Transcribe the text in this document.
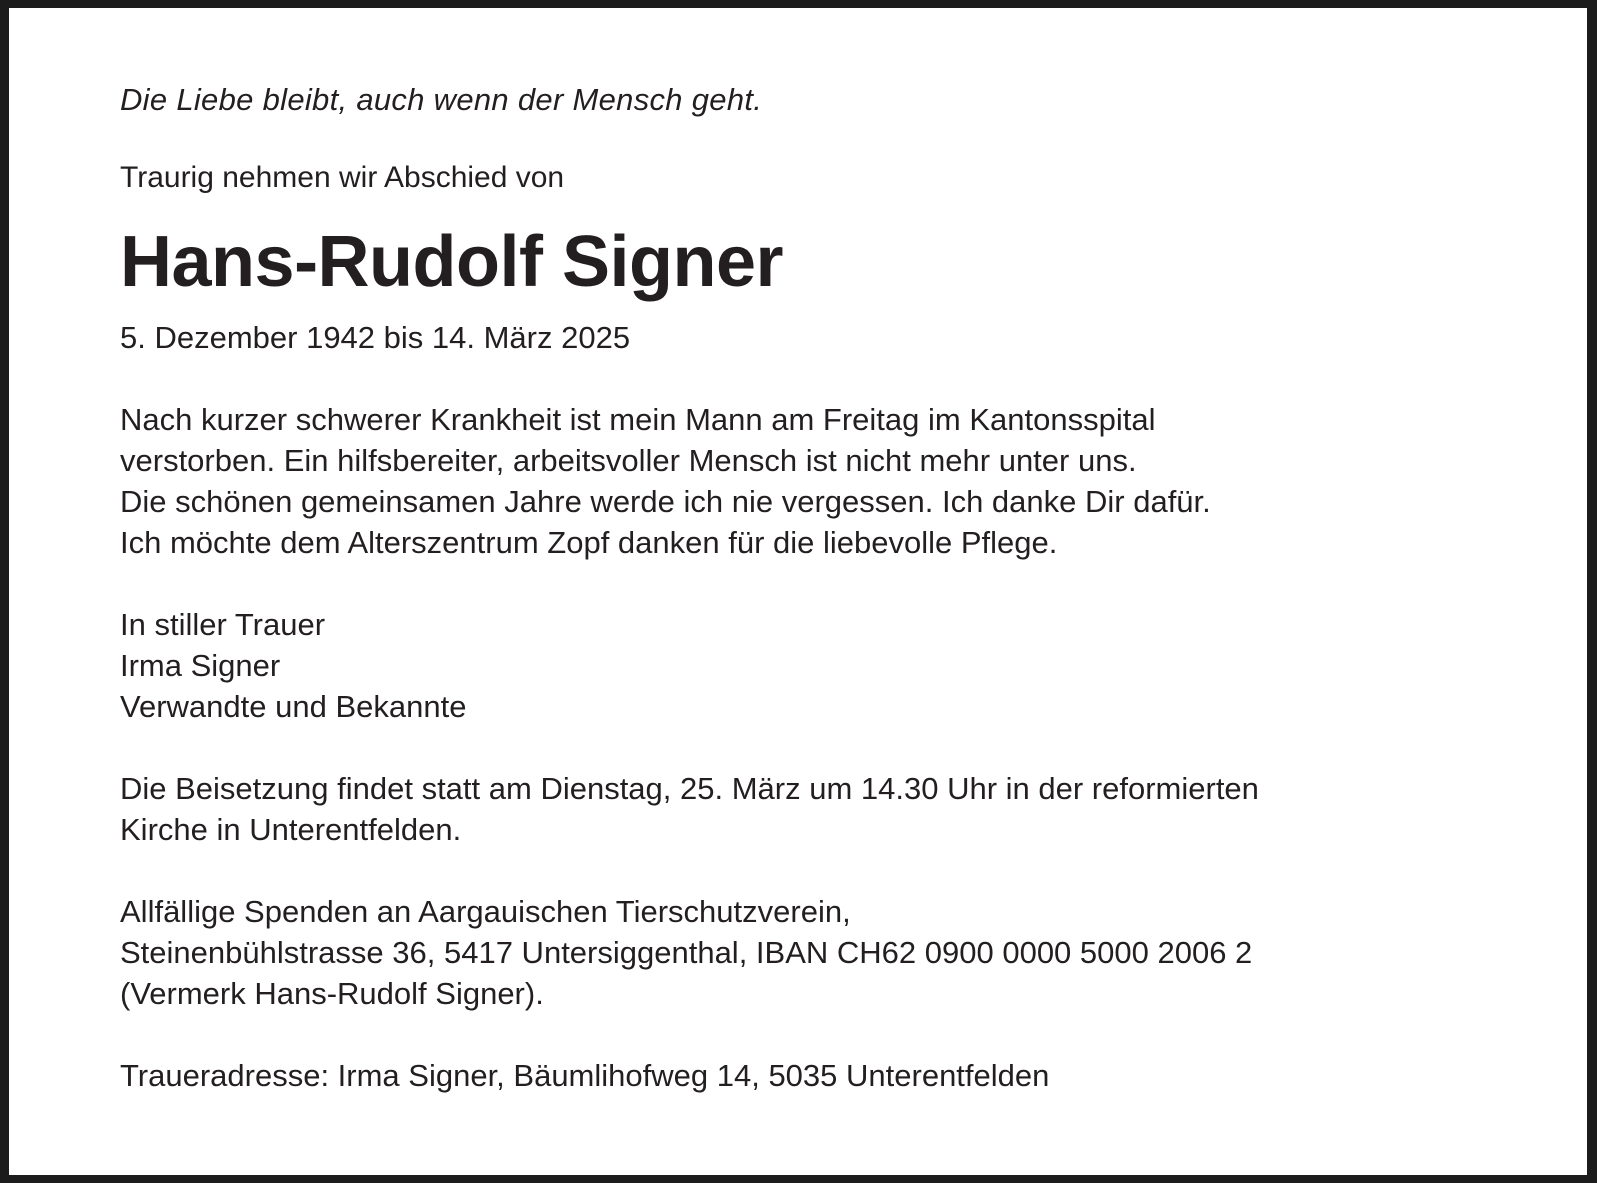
Die Liebe bleibt, auch wenn der Mensch geht.

Traurig nehmen wir Abschied von

Hans-Rudolf Signer

5. Dezember 1942 bis 14. März 2025

Nach kurzer schwerer Krankheit ist mein Mann am Freitag im Kantonsspital
verstorben. Ein hilfsbereiter, arbeitsvoller Mensch ist nicht mehr unter uns.
Die schönen gemeinsamen Jahre werde ich nie vergessen. Ich danke Dir dafür.
Ich möchte dem Alterszentrum Zopf danken für die liebevolle Pflege.

In stiller Trauer
Irma Signer
Verwandte und Bekannte

Die Beisetzung findet statt am Dienstag, 25. März um 14.30 Uhr in der reformierten
Kirche in Unterentfelden.

Allfällige Spenden an Aargauischen Tierschutzverein,
Steinenbühlstrasse 36, 5417 Untersiggenthal, IBAN CH62 0900 0000 5000 2006 2
(Vermerk Hans-Rudolf Signer).

Traueradresse: Irma Signer, Bäumlihofweg 14, 5035 Unterentfelden
